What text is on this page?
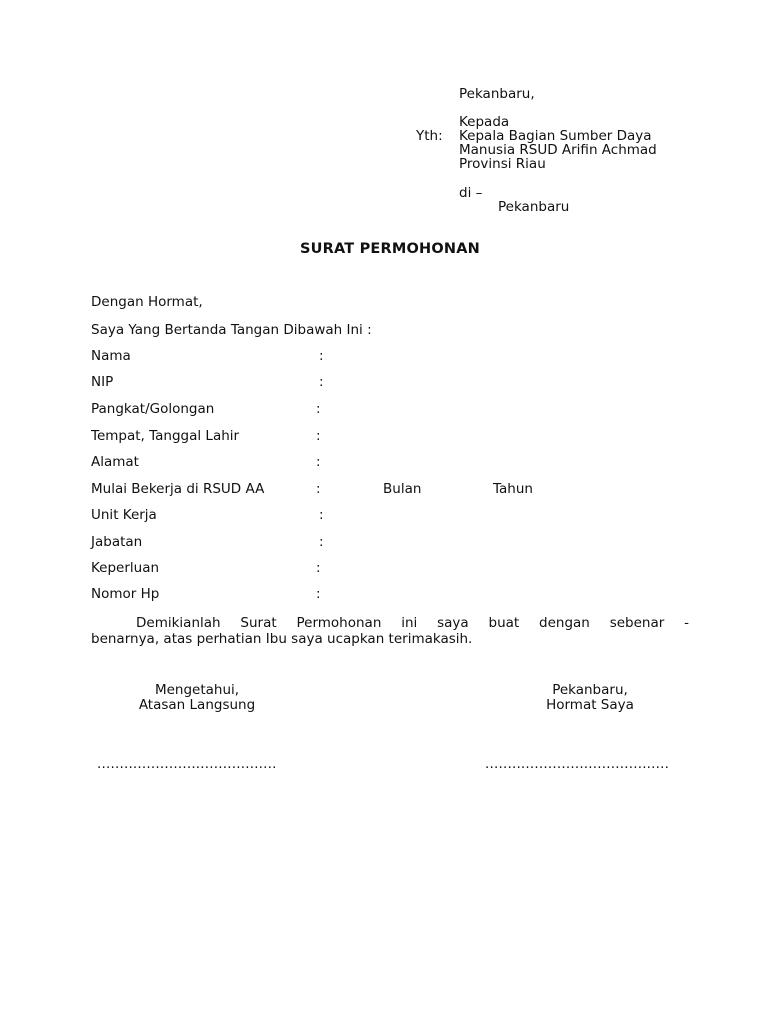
Pekanbaru,
Kepada
Yth: Kepala Bagian Sumber Daya
Manusia RSUD Arifin Achmad
Provinsi Riau
di –
Pekanbaru
SURAT PERMOHONAN
Dengan Hormat,
Saya Yang Bertanda Tangan Dibawah Ini :
Nama	:
NIP	:
Pangkat/Golongan	:
Tempat, Tanggal Lahir	:
Alamat	:
Mulai Bekerja di RSUD AA	:	Bulan	Tahun
Unit Kerja	:
Jabatan	:
Keperluan	:
Nomor Hp	:
Demikianlah Surat Permohonan ini saya buat dengan sebenar -
benarnya, atas perhatian Ibu saya ucapkan terimakasih.
Mengetahui,
Atasan Langsung
Pekanbaru,
Hormat Saya
........................................	.........................................
